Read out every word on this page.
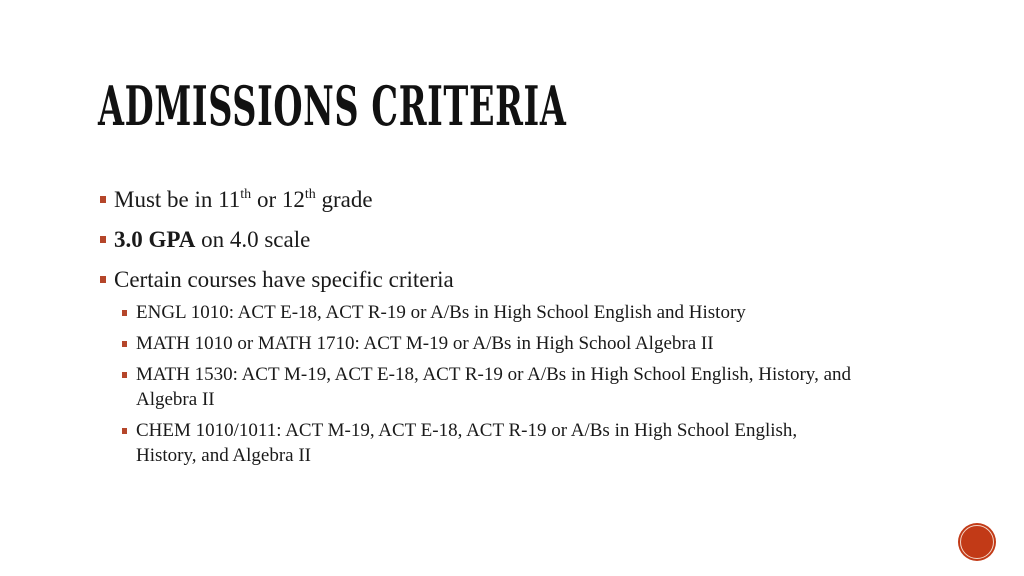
ADMISSIONS CRITERIA
Must be in 11th or 12th grade
3.0 GPA on 4.0 scale
Certain courses have specific criteria
ENGL 1010: ACT E-18, ACT R-19 or A/Bs in High School English and History
MATH 1010 or MATH 1710: ACT M-19 or A/Bs in High School Algebra II
MATH 1530: ACT M-19, ACT E-18, ACT R-19 or A/Bs in High School English, History, and Algebra II
CHEM 1010/1011: ACT M-19, ACT E-18, ACT R-19 or A/Bs in High School English, History, and Algebra II
